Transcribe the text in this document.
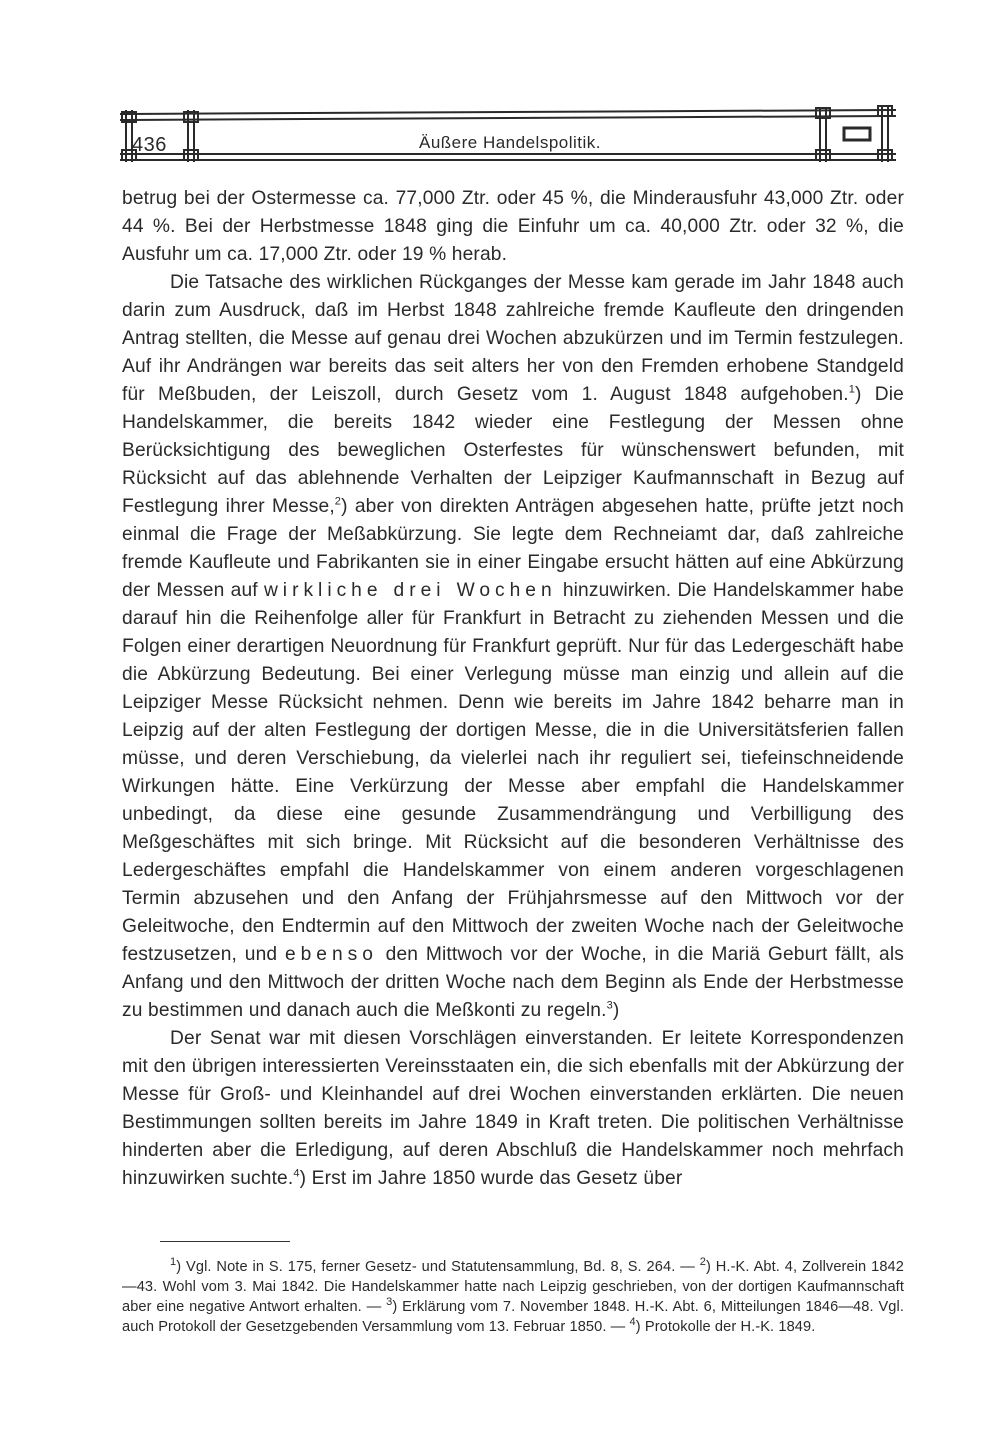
436	Äußere Handelspolitik.

betrug bei der Ostermesse ca. 77,000 Ztr. oder 45 %, die Minderausfuhr 43,000 Ztr. oder 44 %. Bei der Herbstmesse 1848 ging die Einfuhr um ca. 40,000 Ztr. oder 32 %, die Ausfuhr um ca. 17,000 Ztr. oder 19 % herab.

Die Tatsache des wirklichen Rückganges der Messe kam gerade im Jahr 1848 auch darin zum Ausdruck, daß im Herbst 1848 zahlreiche fremde Kaufleute den dringenden Antrag stellten, die Messe auf genau drei Wochen abzukürzen und im Termin festzulegen. Auf ihr Andrängen war bereits das seit alters her von den Fremden erhobene Standgeld für Meßbuden, der Leiszoll, durch Gesetz vom 1. August 1848 aufgehoben.$^1$) Die Handelskammer, die bereits 1842 wieder eine Festlegung der Messen ohne Berücksichtigung des beweglichen Osterfestes für wünschenswert befunden, mit Rücksicht auf das ablehnende Verhalten der Leipziger Kaufmannschaft in Bezug auf Festlegung ihrer Messe,$^2$) aber von direkten Anträgen abgesehen hatte, prüfte jetzt noch einmal die Frage der Meßabkürzung. Sie legte dem Rechneiamt dar, daß zahlreiche fremde Kaufleute und Fabrikanten sie in einer Eingabe ersucht hätten auf eine Abkürzung der Messen auf wirkliche drei Wochen hinzuwirken. Die Handelskammer habe darauf hin die Reihenfolge aller für Frankfurt in Betracht zu ziehenden Messen und die Folgen einer derartigen Neuordnung für Frankfurt geprüft. Nur für das Ledergeschäft habe die Abkürzung Bedeutung. Bei einer Verlegung müsse man einzig und allein auf die Leipziger Messe Rücksicht nehmen. Denn wie bereits im Jahre 1842 beharre man in Leipzig auf der alten Festlegung der dortigen Messe, die in die Universitätsferien fallen müsse, und deren Verschiebung, da vielerlei nach ihr reguliert sei, tiefeinschneidende Wirkungen hätte. Eine Verkürzung der Messe aber empfahl die Handelskammer unbedingt, da diese eine gesunde Zusammendrängung und Verbilligung des Meßgeschäftes mit sich bringe. Mit Rücksicht auf die besonderen Verhältnisse des Ledergeschäftes empfahl die Handelskammer von einem anderen vorgeschlagenen Termin abzusehen und den Anfang der Frühjahrsmesse auf den Mittwoch vor der Geleitwoche, den Endtermin auf den Mittwoch der zweiten Woche nach der Geleitwoche festzusetzen, und ebenso den Mittwoch vor der Woche, in die Mariä Geburt fällt, als Anfang und den Mittwoch der dritten Woche nach dem Beginn als Ende der Herbstmesse zu bestimmen und danach auch die Meßkonti zu regeln.$^3$)

Der Senat war mit diesen Vorschlägen einverstanden. Er leitete Korrespondenzen mit den übrigen interessierten Vereinsstaaten ein, die sich ebenfalls mit der Abkürzung der Messe für Groß- und Kleinhandel auf drei Wochen einverstanden erklärten. Die neuen Bestimmungen sollten bereits im Jahre 1849 in Kraft treten. Die politischen Verhältnisse hinderten aber die Erledigung, auf deren Abschluß die Handelskammer noch mehrfach hinzuwirken suchte.$^4$) Erst im Jahre 1850 wurde das Gesetz über

$^1$) Vgl. Note in S. 175, ferner Gesetz- und Statutensammlung, Bd. 8, S. 264. — $^2$) H.-K. Abt. 4, Zollverein 1842—43. Wohl vom 3. Mai 1842. Die Handelskammer hatte nach Leipzig geschrieben, von der dortigen Kaufmannschaft aber eine negative Antwort erhalten. — $^3$) Erklärung vom 7. November 1848. H.-K. Abt. 6, Mitteilungen 1846—48. Vgl. auch Protokoll der Gesetzgebenden Versammlung vom 13. Februar 1850. — $^4$) Protokolle der H.-K. 1849.
